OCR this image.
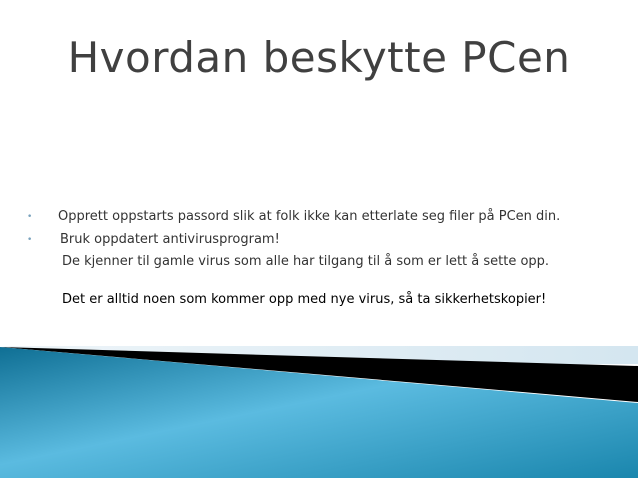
Hvordan beskytte PCen
• Opprett oppstarts passord slik at folk ikke kan etterlate seg filer på PCen din.
• Bruk oppdatert antivirusprogram!
De kjenner til gamle virus som alle har tilgang til å som er lett å sette opp.
Det er alltid noen som kommer opp med nye virus, så ta sikkerhetskopier!
